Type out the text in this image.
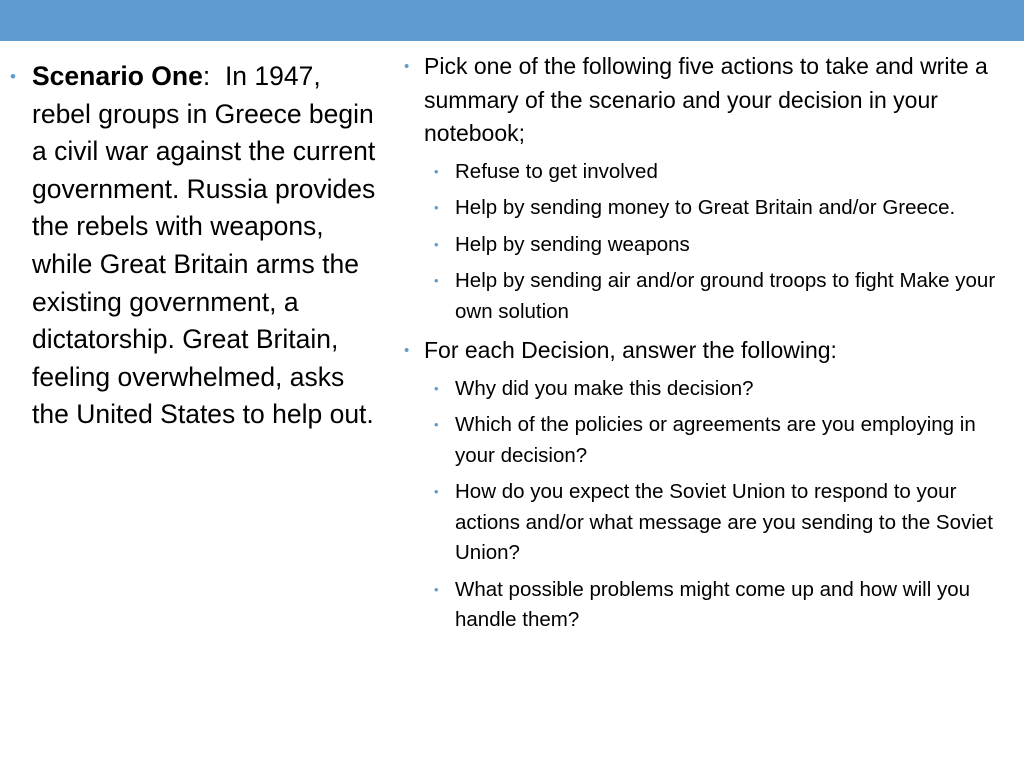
• Scenario One:  In 1947, rebel groups in Greece begin a civil war against the current government. Russia provides the rebels with weapons, while Great Britain arms the existing government, a dictatorship. Great Britain, feeling overwhelmed, asks the United States to help out.
• Pick one of the following five actions to take and write a summary of the scenario and your decision in your notebook;
• Refuse to get involved
• Help by sending money to Great Britain and/or Greece.
• Help by sending weapons
• Help by sending air and/or ground troops to fight Make your own solution
• For each Decision, answer the following:
• Why did you make this decision?
• Which of the policies or agreements are you employing in your decision?
• How do you expect the Soviet Union to respond to your actions and/or what message are you sending to the Soviet Union?
• What possible problems might come up and how will you handle them?
